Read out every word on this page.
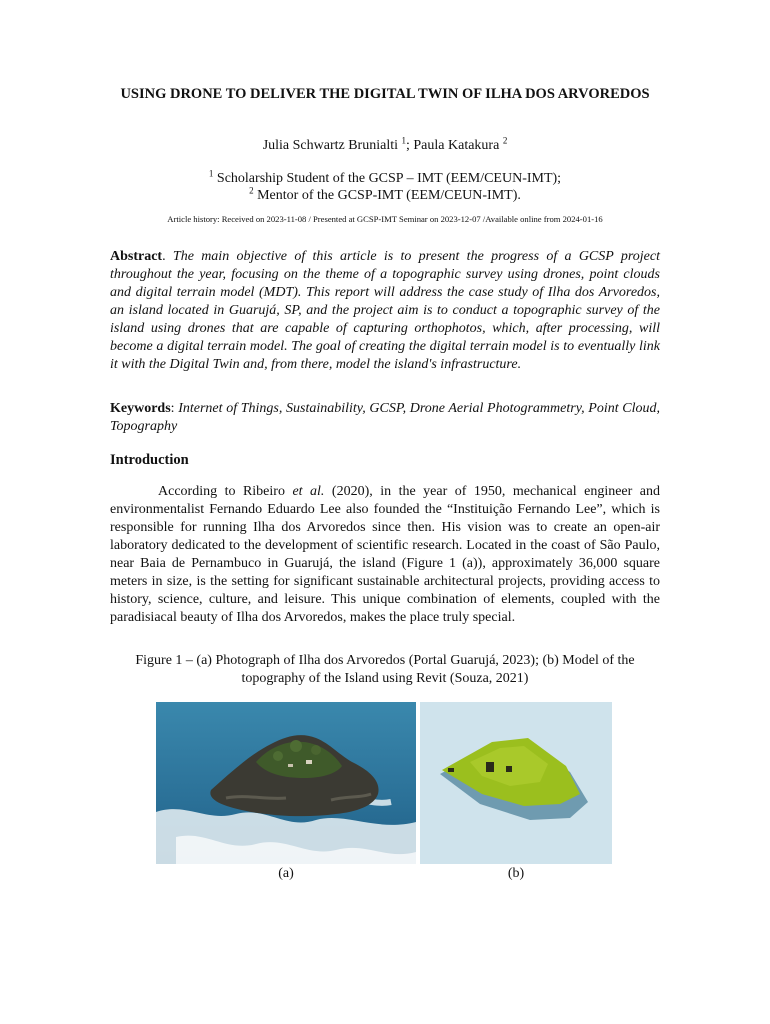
USING DRONE TO DELIVER THE DIGITAL TWIN OF ILHA DOS ARVOREDOS
Julia Schwartz Brunialti $^1$; Paula Katakura $^2$
$^1$ Scholarship Student of the GCSP – IMT (EEM/CEUN-IMT);
$^2$ Mentor of the GCSP-IMT (EEM/CEUN-IMT).
Article history: Received on 2023-11-08 / Presented at GCSP-IMT Seminar on 2023-12-07 /Available online from 2024-01-16
Abstract. The main objective of this article is to present the progress of a GCSP project throughout the year, focusing on the theme of a topographic survey using drones, point clouds and digital terrain model (MDT). This report will address the case study of Ilha dos Arvoredos, an island located in Guarujá, SP, and the project aim is to conduct a topographic survey of the island using drones that are capable of capturing orthophotos, which, after processing, will become a digital terrain model. The goal of creating the digital terrain model is to eventually link it with the Digital Twin and, from there, model the island's infrastructure.
Keywords: Internet of Things, Sustainability, GCSP, Drone Aerial Photogrammetry, Point Cloud, Topography
Introduction
According to Ribeiro et al. (2020), in the year of 1950, mechanical engineer and environmentalist Fernando Eduardo Lee also founded the “Instituição Fernando Lee”, which is responsible for running Ilha dos Arvoredos since then. His vision was to create an open-air laboratory dedicated to the development of scientific research. Located in the coast of São Paulo, near Baia de Pernambuco in Guarujá, the island (Figure 1 (a)), approximately 36,000 square meters in size, is the setting for significant sustainable architectural projects, providing access to history, science, culture, and leisure. This unique combination of elements, coupled with the paradisiacal beauty of Ilha dos Arvoredos, makes the place truly special.
Figure 1 – (a) Photograph of Ilha dos Arvoredos (Portal Guarujá, 2023); (b) Model of the topography of the Island using Revit (Souza, 2021)
(a)	(b)
